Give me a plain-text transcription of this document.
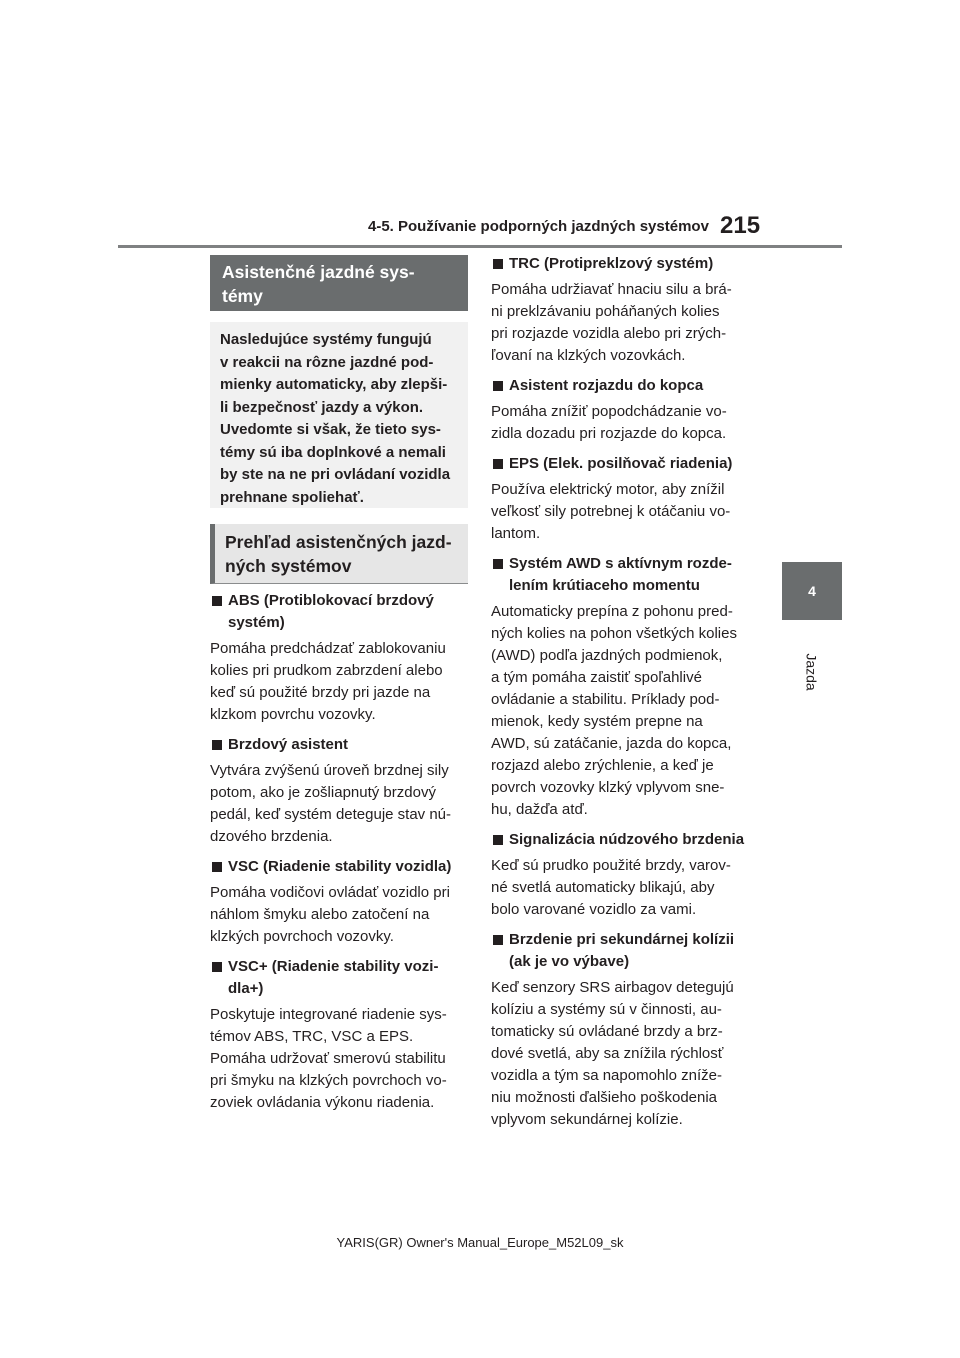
4-5. Používanie podporných jazdných systémov 215
4
Jazda
Asistenčné jazdné sys-
témy
Nasledujúce systémy fungujú
v reakcii na rôzne jazdné pod-
mienky automaticky, aby zlepši-
li bezpečnosť jazdy a výkon.
Uvedomte si však, že tieto sys-
témy sú iba doplnkové a nemali
by ste na ne pri ovládaní vozidla
prehnane spoliehať.
Prehľad asistenčných jazd-
ných systémov
ABS (Protiblokovací brzdový
systém)
Pomáha predchádzať zablokovaniu
kolies pri prudkom zabrzdení alebo
keď sú použité brzdy pri jazde na
klzkom povrchu vozovky.
Brzdový asistent
Vytvára zvýšenú úroveň brzdnej sily
potom, ako je zošliapnutý brzdový
pedál, keď systém deteguje stav nú-
dzového brzdenia.
VSC (Riadenie stability vozidla)
Pomáha vodičovi ovládať vozidlo pri
náhlom šmyku alebo zatočení na
klzkých povrchoch vozovky.
VSC+ (Riadenie stability vozi-
dla+)
Poskytuje integrované riadenie sys-
témov ABS, TRC, VSC a EPS.
Pomáha udržovať smerovú stabilitu
pri šmyku na klzkých povrchoch vo-
zoviek ovládania výkonu riadenia.
TRC (Protipreklzový systém)
Pomáha udržiavať hnaciu silu a brá-
ni preklzávaniu poháňaných kolies
pri rozjazde vozidla alebo pri zrých-
ľovaní na klzkých vozovkách.
Asistent rozjazdu do kopca
Pomáha znížiť popodchádzanie vo-
zidla dozadu pri rozjazde do kopca.
EPS (Elek. posilňovač riadenia)
Používa elektrický motor, aby znížil
veľkosť sily potrebnej k otáčaniu vo-
lantom.
Systém AWD s aktívnym rozde-
lením krútiaceho momentu
Automaticky prepína z pohonu pred-
ných kolies na pohon všetkých kolies
(AWD) podľa jazdných podmienok,
a tým pomáha zaistiť spoľahlivé
ovládanie a stabilitu. Príklady pod-
mienok, kedy systém prepne na
AWD, sú zatáčanie, jazda do kopca,
rozjazd alebo zrýchlenie, a keď je
povrch vozovky klzký vplyvom sne-
hu, dažďa atď.
Signalizácia núdzového brzdenia
Keď sú prudko použité brzdy, varov-
né svetlá automaticky blikajú, aby
bolo varované vozidlo za vami.
Brzdenie pri sekundárnej kolízii
(ak je vo výbave)
Keď senzory SRS airbagov detegujú
kolíziu a systémy sú v činnosti, au-
tomaticky sú ovládané brzdy a brz-
dové svetlá, aby sa znížila rýchlosť
vozidla a tým sa napomohlo zníže-
niu možnosti ďalšieho poškodenia
vplyvom sekundárnej kolízie.
YARIS(GR) Owner's Manual_Europe_M52L09_sk
